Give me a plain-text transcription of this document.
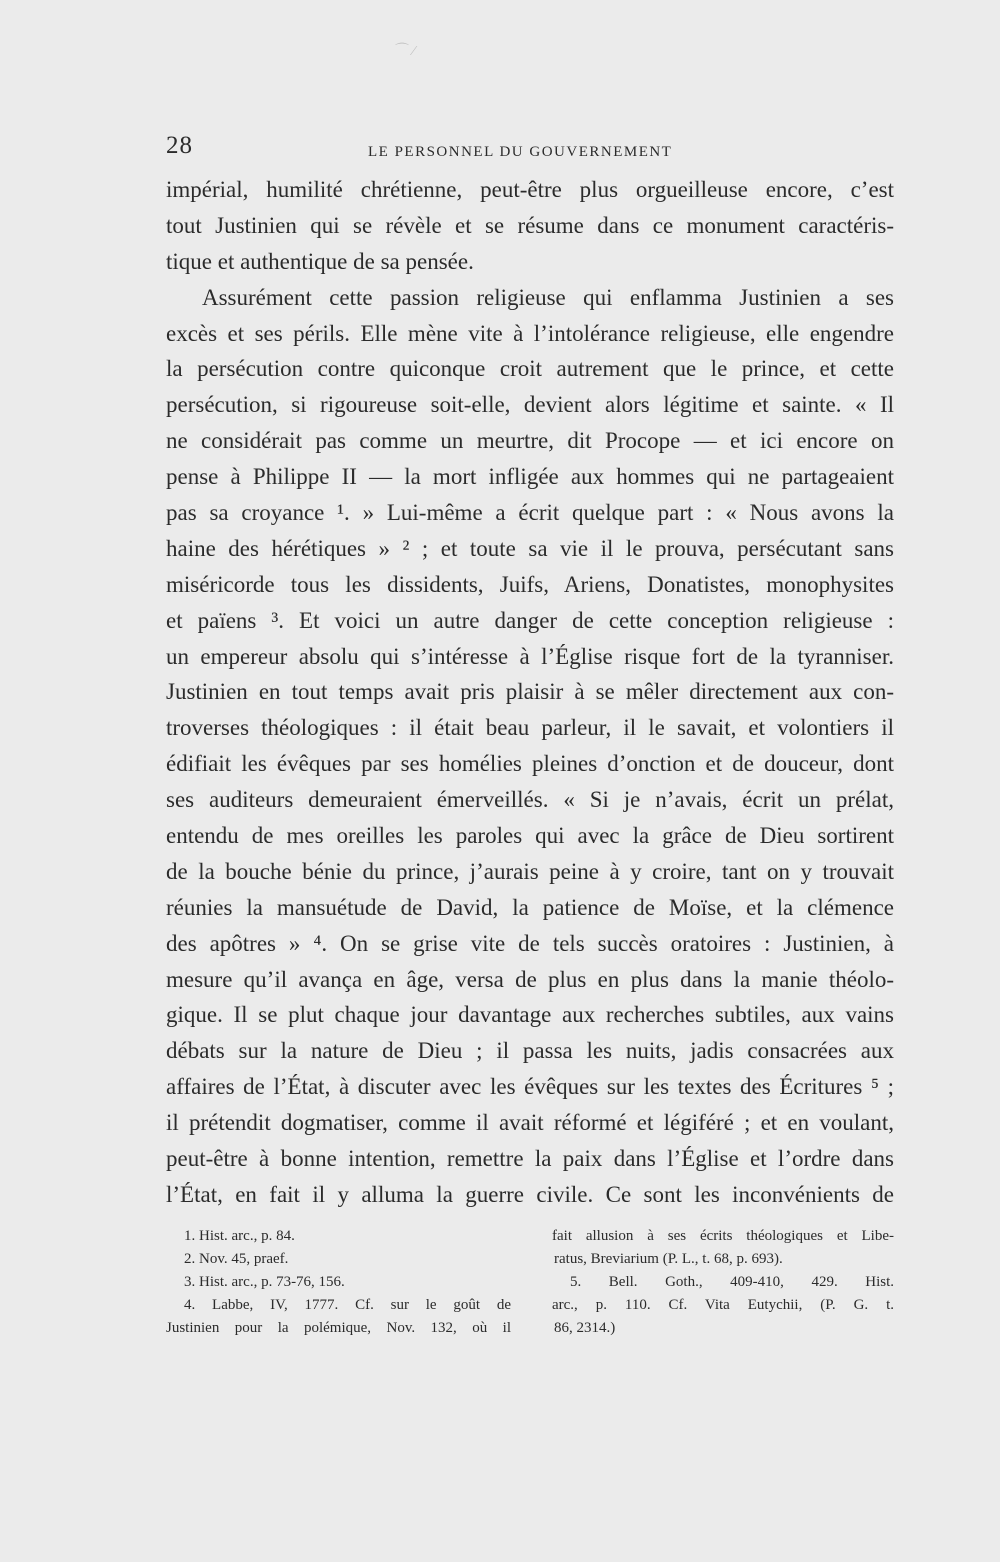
⌒ ⁄
28	LE PERSONNEL DU GOUVERNEMENT
impérial, humilité chrétienne, peut-être plus orgueilleuse encore, c’est
tout Justinien qui se révèle et se résume dans ce monument caractéris-
tique et authentique de sa pensée.
Assurément cette passion religieuse qui enflamma Justinien a ses
excès et ses périls. Elle mène vite à l’intolérance religieuse, elle engendre
la persécution contre quiconque croit autrement que le prince, et cette
persécution, si rigoureuse soit-elle, devient alors légitime et sainte. « Il
ne considérait pas comme un meurtre, dit Procope — et ici encore on
pense à Philippe II — la mort infligée aux hommes qui ne partageaient
pas sa croyance ¹. » Lui-même a écrit quelque part : « Nous avons la
haine des hérétiques » ² ; et toute sa vie il le prouva, persécutant sans
miséricorde tous les dissidents, Juifs, Ariens, Donatistes, monophysites
et païens ³. Et voici un autre danger de cette conception religieuse :
un empereur absolu qui s’intéresse à l’Église risque fort de la tyranniser.
Justinien en tout temps avait pris plaisir à se mêler directement aux con-
troverses théologiques : il était beau parleur, il le savait, et volontiers il
édifiait les évêques par ses homélies pleines d’onction et de douceur, dont
ses auditeurs demeuraient émerveillés. « Si je n’avais, écrit un prélat,
entendu de mes oreilles les paroles qui avec la grâce de Dieu sortirent
de la bouche bénie du prince, j’aurais peine à y croire, tant on y trouvait
réunies la mansuétude de David, la patience de Moïse, et la clémence
des apôtres » ⁴. On se grise vite de tels succès oratoires : Justinien, à
mesure qu’il avança en âge, versa de plus en plus dans la manie théolo-
gique. Il se plut chaque jour davantage aux recherches subtiles, aux vains
débats sur la nature de Dieu ; il passa les nuits, jadis consacrées aux
affaires de l’État, à discuter avec les évêques sur les textes des Écritures ⁵ ;
il prétendit dogmatiser, comme il avait réformé et légiféré ; et en voulant,
peut-être à bonne intention, remettre la paix dans l’Église et l’ordre dans
l’État, en fait il y alluma la guerre civile. Ce sont les inconvénients de
1. Hist. arc., p. 84.
2. Nov. 45, praef.
3. Hist. arc., p. 73-76, 156.
4. Labbe, IV, 1777. Cf. sur le goût de
Justinien pour la polémique, Nov. 132, où il
fait allusion à ses écrits théologiques et Libe-
ratus, Breviarium (P. L., t. 68, p. 693).
5. Bell. Goth., 409-410, 429. Hist.
arc., p. 110. Cf. Vita Eutychii, (P. G. t.
86, 2314.)
